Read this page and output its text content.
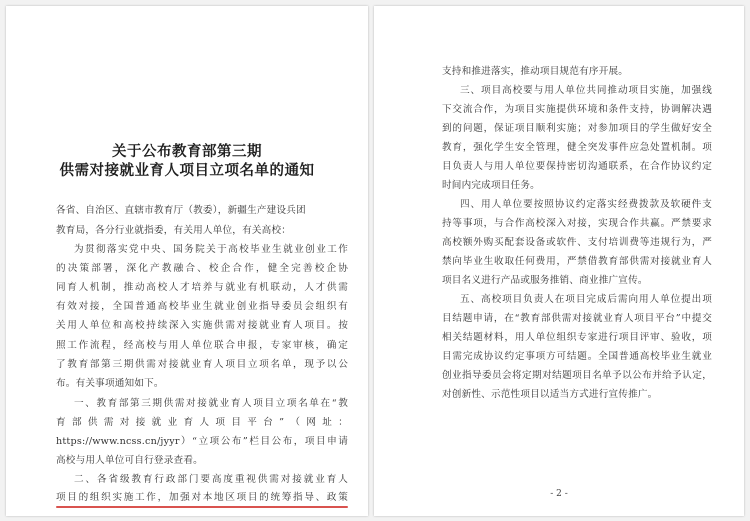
关于公布教育部第三期
供需对接就业育人项目立项名单的通知
各省、自治区、直辖市教育厅（教委），新疆生产建设兵团
教育局，各分行业就指委，有关用人单位，有关高校：
为贯彻落实党中央、国务院关于高校毕业生就业创业工作
的决策部署，深化产教融合、校企合作，健全完善校企协
同育人机制，推动高校人才培养与就业有机联动，人才供需
有效对接，全国普通高校毕业生就业创业指导委员会组织有
关用人单位和高校持续深入实施供需对接就业育人项目。按
照工作流程，经高校与用人单位联合申报，专家审核，确定
了教育部第三期供需对接就业育人项目立项名单，现予以公
布。有关事项通知如下。
一、教育部第三期供需对接就业育人项目立项名单在“教
育部供需对接就业育人项目平台”（网址：
https://www.ncss.cn/jyyr）“立项公布”栏目公布，项目申请
高校与用人单位可自行登录查看。
二、各省级教育行政部门要高度重视供需对接就业育人
项目的组织实施工作，加强对本地区项目的统筹指导、政策
支持和推进落实，推动项目规范有序开展。
三、项目高校要与用人单位共同推动项目实施，加强线
下交流合作，为项目实施提供环境和条件支持，协调解决遇
到的问题，保证项目顺利实施；对参加项目的学生做好安全
教育，强化学生安全管理，健全突发事件应急处置机制。项
目负责人与用人单位要保持密切沟通联系，在合作协议约定
时间内完成项目任务。
四、用人单位要按照协议约定落实经费拨款及软硬件支
持等事项，与合作高校深入对接，实现合作共赢。严禁要求
高校额外购买配套设备或软件、支付培训费等违规行为，严
禁向毕业生收取任何费用，严禁借教育部供需对接就业育人
项目名义进行产品或服务推销、商业推广宣传。
五、高校项目负责人在项目完成后需向用人单位提出项
目结题申请，在“教育部供需对接就业育人项目平台”中提交
相关结题材料，用人单位组织专家进行项目评审、验收，项
目需完成协议约定事项方可结题。全国普通高校毕业生就业
创业指导委员会将定期对结题项目名单予以公布并给予认定，
对创新性、示范性项目以适当方式进行宣传推广。
- 2 -
